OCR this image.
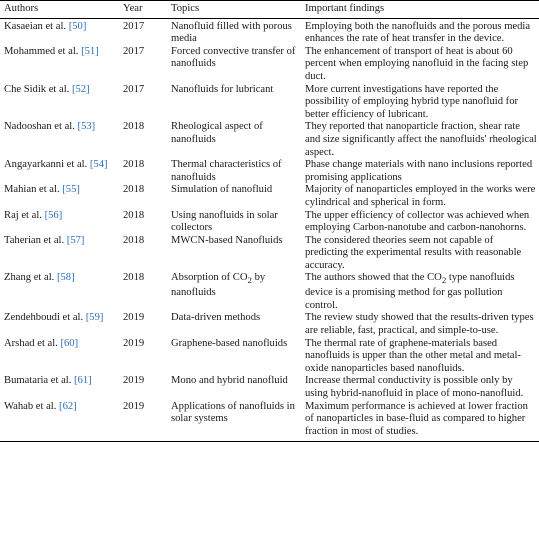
Authors	Year	Topics	Important findings
Kasaeian et al. [50]	2017	Nanofluid filled with porous media	Employing both the nanofluids and the porous media enhances the rate of heat transfer in the device.
Mohammed et al. [51]	2017	Forced convective transfer of nanofluids	The enhancement of transport of heat is about 60 percent when employing nanofluid in the facing step duct.
Che Sidik et al. [52]	2017	Nanofluids for lubricant	More current investigations have reported the possibility of employing hybrid type nanofluid for better efficiency of lubricant.
Nadooshan et al. [53]	2018	Rheological aspect of nanofluids	They reported that nanoparticle fraction, shear rate and size significantly affect the nanofluids' rheological aspect.
Angayarkanni et al. [54]	2018	Thermal characteristics of nanofluids	Phase change materials with nano inclusions reported promising applications
Mahian et al. [55]	2018	Simulation of nanofluid	Majority of nanoparticles employed in the works were cylindrical and spherical in form.
Raj et al. [56]	2018	Using nanofluids in solar collectors	The upper efficiency of collector was achieved when employing Carbon-nanotube and carbon-nanohorns.
Taherian et al. [57]	2018	MWCN-based Nanofluids	The considered theories seem not capable of predicting the experimental results with reasonable accuracy.
Zhang et al. [58]	2018	Absorption of $CO_2$ by nanofluids	The authors showed that the $CO_2$ type nanofluids device is a promising method for gas pollution control.
Zendehboudi et al. [59]	2019	Data-driven methods	The review study showed that the results-driven types are reliable, fast, practical, and simple-to-use.
Arshad et al. [60]	2019	Graphene-based nanofluids	The thermal rate of graphene-materials based nanofluids is upper than the other metal and metal-oxide nanoparticles based nanofluids.
Bumataria et al. [61]	2019	Mono and hybrid nanofluid	Increase thermal conductivity is possible only by using hybrid-nanofluid in place of mono-nanofluid.
Wahab et al. [62]	2019	Applications of nanofluids in solar systems	Maximum performance is achieved at lower fraction of nanoparticles in base-fluid as compared to higher fraction in most of studies.
